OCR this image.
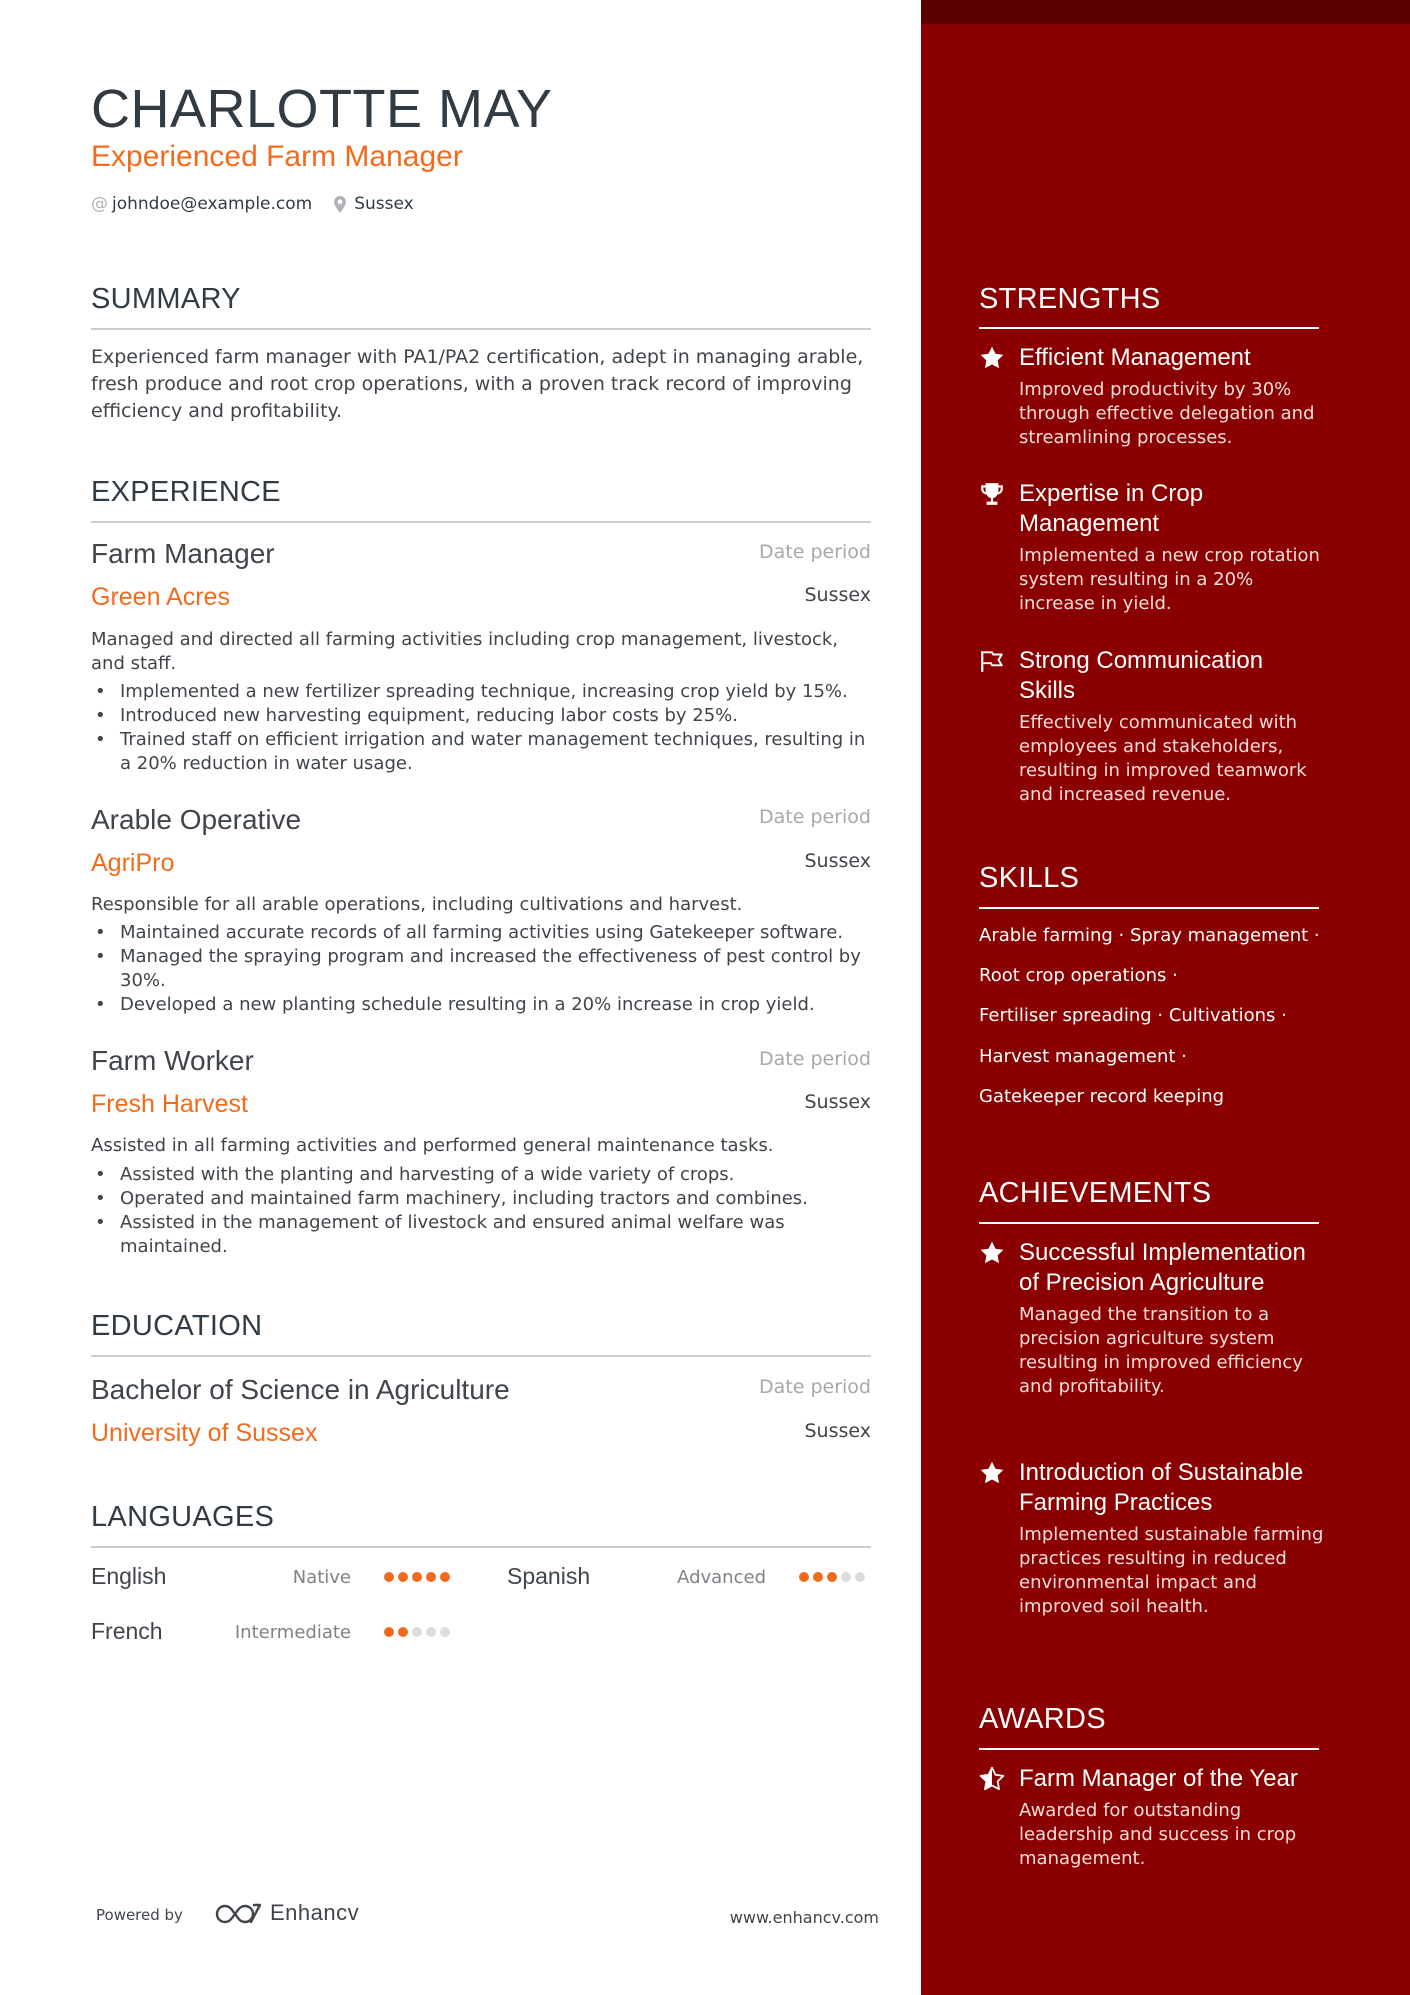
CHARLOTTE MAY
Experienced Farm Manager
@ johndoe@example.com Sussex
SUMMARY

Experienced farm manager with PA1/PA2 certification, adept in managing arable, fresh produce and root crop operations, with a proven track record of improving efficiency and profitability.

EXPERIENCE
Farm Manager	Date period
Green Acres	Sussex

Managed and directed all farming activities including crop management, livestock, and staff.

• Implemented a new fertilizer spreading technique, increasing crop yield by 15%.
• Introduced new harvesting equipment, reducing labor costs by 25%.
• Trained staff on efficient irrigation and water management techniques, resulting in a 20% reduction in water usage.
Arable Operative	Date period
AgriPro	Sussex

Responsible for all arable operations, including cultivations and harvest.

• Maintained accurate records of all farming activities using Gatekeeper software.
• Managed the spraying program and increased the effectiveness of pest control by 30%.
• Developed a new planting schedule resulting in a 20% increase in crop yield.
Farm Worker	Date period
Fresh Harvest	Sussex

Assisted in all farming activities and performed general maintenance tasks.

• Assisted with the planting and harvesting of a wide variety of crops.
• Operated and maintained farm machinery, including tractors and combines.
• Assisted in the management of livestock and ensured animal welfare was maintained.
EDUCATION
Bachelor of Science in Agriculture	Date period
University of Sussex	Sussex
LANGUAGES
English	Native	Spanish	Advanced
French	Intermediate
Powered by	Enhancv	www.enhancv.com
STRENGTHS
Efficient Management
Improved productivity by 30% through effective delegation and streamlining processes.
Expertise in Crop Management
Implemented a new crop rotation system resulting in a 20% increase in yield.
Strong Communication Skills
Effectively communicated with employees and stakeholders, resulting in improved teamwork and increased revenue.
SKILLS
Arable farming · Spray management ·
Root crop operations ·
Fertiliser spreading · Cultivations ·
Harvest management ·
Gatekeeper record keeping
ACHIEVEMENTS
Successful Implementation of Precision Agriculture
Managed the transition to a precision agriculture system resulting in improved efficiency and profitability.
Introduction of Sustainable Farming Practices
Implemented sustainable farming practices resulting in reduced environmental impact and improved soil health.
AWARDS
Farm Manager of the Year
Awarded for outstanding leadership and success in crop management.
